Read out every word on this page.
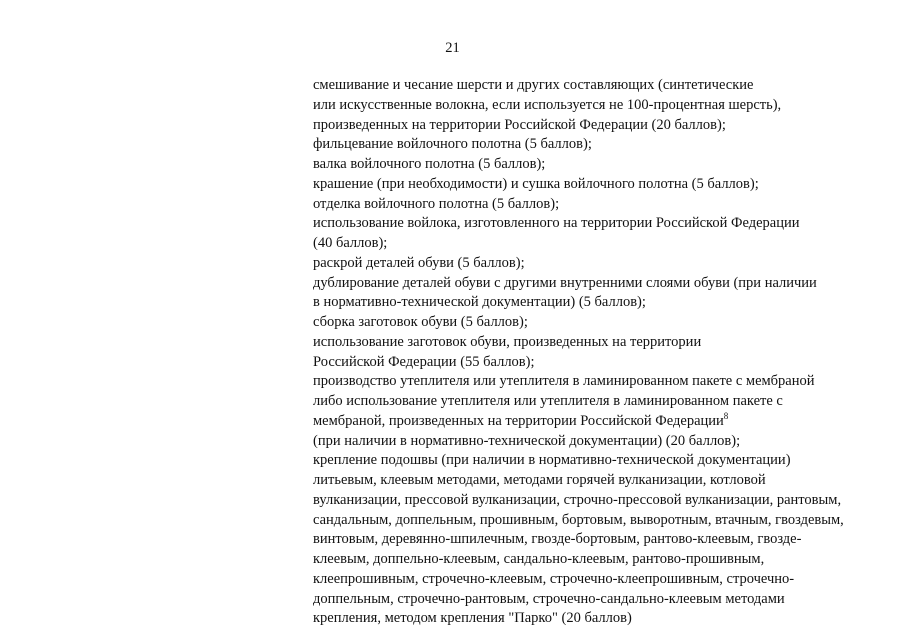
21
смешивание и чесание шерсти и других составляющих (синтетические
или искусственные волокна, если используется не 100-процентная шерсть),
произведенных на территории Российской Федерации (20 баллов);
фильцевание войлочного полотна (5 баллов);
валка войлочного полотна (5 баллов);
крашение (при необходимости) и сушка войлочного полотна (5 баллов);
отделка войлочного полотна (5 баллов);
использование войлока, изготовленного на территории Российской Федерации
(40 баллов);
раскрой деталей обуви (5 баллов);
дублирование деталей обуви с другими внутренними слоями обуви (при наличии
в нормативно-технической документации) (5 баллов);
сборка заготовок обуви (5 баллов);
использование заготовок обуви, произведенных на территории
Российской Федерации (55 баллов);
производство утеплителя или утеплителя в ламинированном пакете с мембраной
либо использование утеплителя или утеплителя в ламинированном пакете с
мембраной, произведенных на территории Российской Федерации$^8$
(при наличии в нормативно-технической документации) (20 баллов);
крепление подошвы (при наличии в нормативно-технической документации)
литьевым, клеевым методами, методами горячей вулканизации, котловой
вулканизации, прессовой вулканизации, строчно-прессовой вулканизации, рантовым,
сандальным, доппельным, прошивным, бортовым, выворотным, втачным, гвоздевым,
винтовым, деревянно-шпилечным, гвозде-бортовым, рантово-клеевым, гвозде-
клеевым, доппельно-клеевым, сандально-клеевым, рантово-прошивным,
клеепрошивным, строчечно-клеевым, строчечно-клеепрошивным, строчечно-
доппельным, строчечно-рантовым, строчечно-сандально-клеевым методами
крепления, методом крепления "Парко" (20 баллов)
